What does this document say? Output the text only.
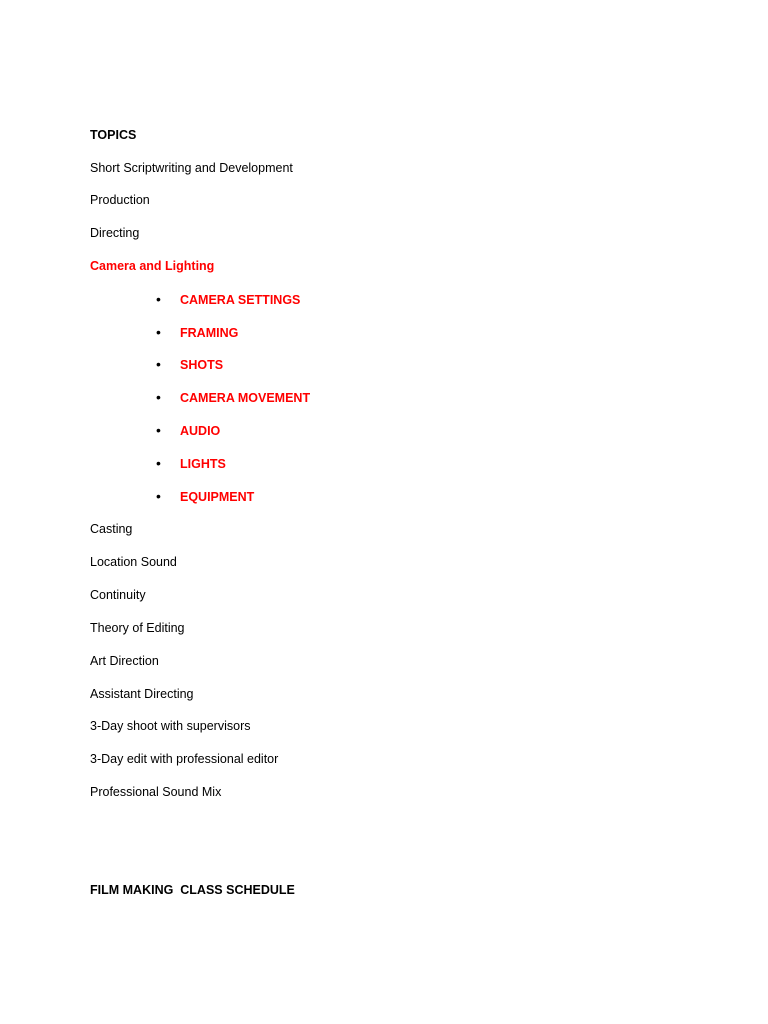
TOPICS
Short Scriptwriting and Development
Production
Directing
Camera and Lighting
• CAMERA SETTINGS
• FRAMING
• SHOTS
• CAMERA MOVEMENT
• AUDIO
• LIGHTS
• EQUIPMENT
Casting
Location Sound
Continuity
Theory of Editing
Art Direction
Assistant Directing
3-Day shoot with supervisors
3-Day edit with professional editor
Professional Sound Mix
FILM MAKING  CLASS SCHEDULE
